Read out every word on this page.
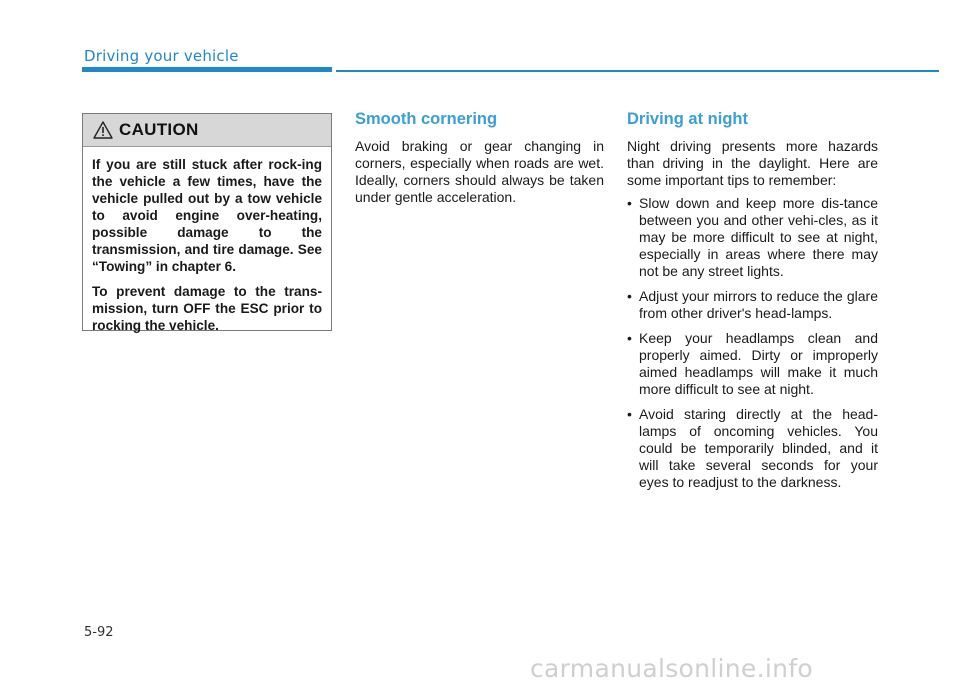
Driving your vehicle
CAUTION

If you are still stuck after rock-ing the vehicle a few times, have the vehicle pulled out by a tow vehicle to avoid engine over-heating, possible damage to the transmission, and tire damage. See “Towing” in chapter 6.

To prevent damage to the trans-mission, turn OFF the ESC prior to rocking the vehicle.

Smooth cornering

Avoid braking or gear changing in corners, especially when roads are wet. Ideally, corners should always be taken under gentle acceleration.

Driving at night

Night driving presents more hazards than driving in the daylight. Here are some important tips to remember:

• Slow down and keep more dis-tance between you and other vehi-cles, as it may be more difficult to see at night, especially in areas where there may not be any street lights.
• Adjust your mirrors to reduce the glare from other driver's head-lamps.
• Keep your headlamps clean and properly aimed. Dirty or improperly aimed headlamps will make it much more difficult to see at night.
• Avoid staring directly at the head-lamps of oncoming vehicles. You could be temporarily blinded, and it will take several seconds for your eyes to readjust to the darkness.
5-92
carmanualsonline.info
